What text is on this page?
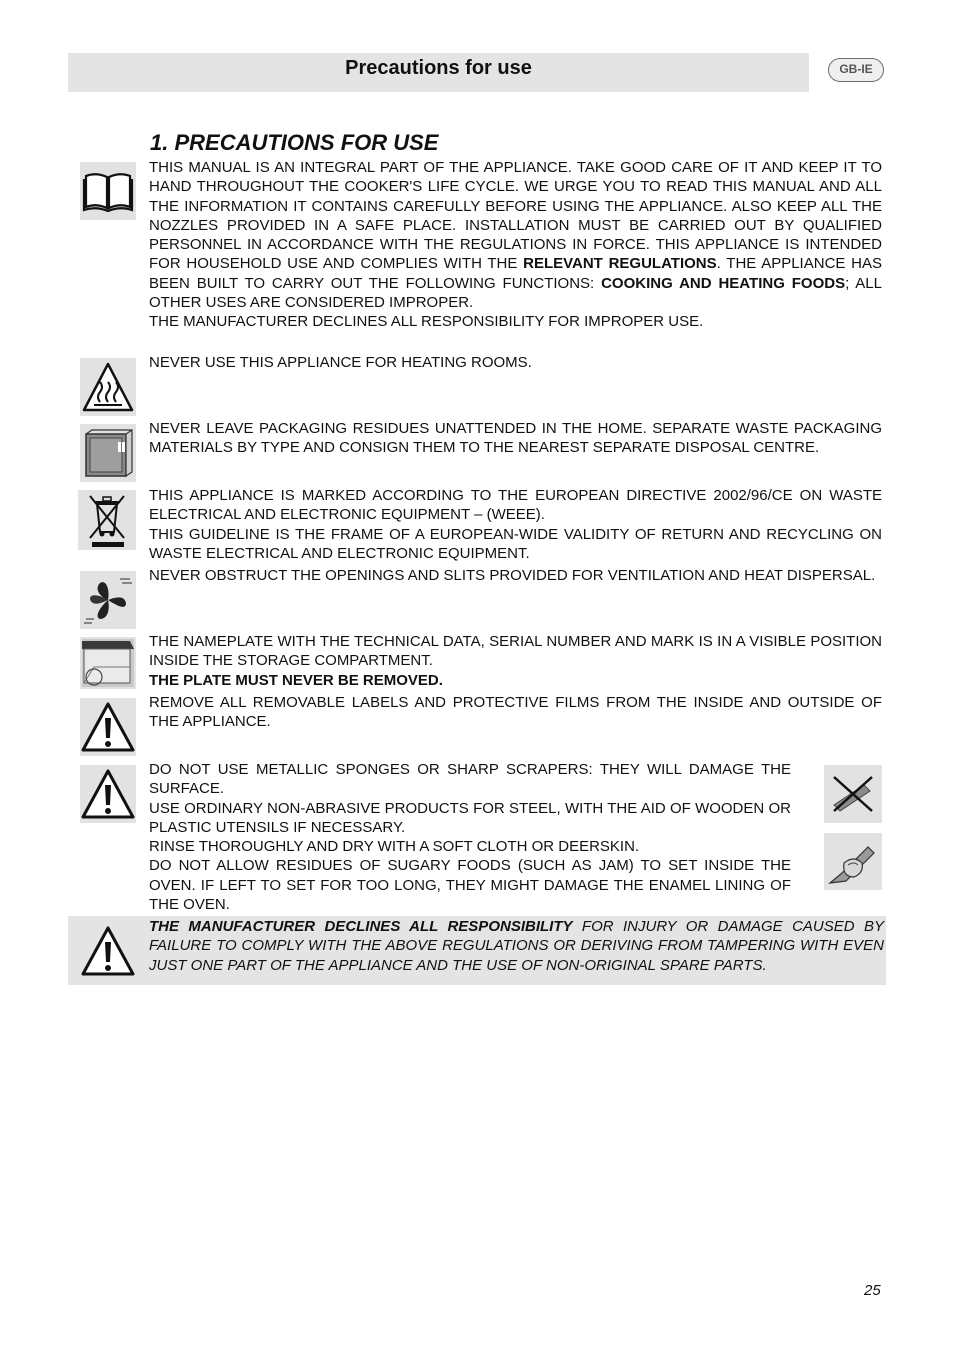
Precautions for use	GB-IE
1. PRECAUTIONS FOR USE

THIS MANUAL IS AN INTEGRAL PART OF THE APPLIANCE. TAKE GOOD CARE OF IT AND KEEP IT TO HAND THROUGHOUT THE COOKER'S LIFE CYCLE. WE URGE YOU TO READ THIS MANUAL AND ALL THE INFORMATION IT CONTAINS CAREFULLY BEFORE USING THE APPLIANCE. ALSO KEEP ALL THE NOZZLES PROVIDED IN A SAFE PLACE. INSTALLATION MUST BE CARRIED OUT BY QUALIFIED PERSONNEL IN ACCORDANCE WITH THE REGULATIONS IN FORCE. THIS APPLIANCE IS INTENDED FOR HOUSEHOLD USE AND COMPLIES WITH THE RELEVANT REGULATIONS. THE APPLIANCE HAS BEEN BUILT TO CARRY OUT THE FOLLOWING FUNCTIONS: COOKING AND HEATING FOODS; ALL OTHER USES ARE CONSIDERED IMPROPER.

THE MANUFACTURER DECLINES ALL RESPONSIBILITY FOR IMPROPER USE.

NEVER USE THIS APPLIANCE FOR HEATING ROOMS.
NEVER LEAVE PACKAGING RESIDUES UNATTENDED IN THE HOME. SEPARATE WASTE PACKAGING MATERIALS BY TYPE AND CONSIGN THEM TO THE NEAREST SEPARATE DISPOSAL CENTRE.

THIS APPLIANCE IS MARKED ACCORDING TO THE EUROPEAN DIRECTIVE 2002/96/CE ON WASTE ELECTRICAL AND ELECTRONIC EQUIPMENT – (WEEE).

THIS GUIDELINE IS THE FRAME OF A EUROPEAN-WIDE VALIDITY OF RETURN AND RECYCLING ON WASTE ELECTRICAL AND ELECTRONIC EQUIPMENT.

NEVER OBSTRUCT THE OPENINGS AND SLITS PROVIDED FOR VENTILATION AND HEAT DISPERSAL.

THE NAMEPLATE WITH THE TECHNICAL DATA, SERIAL NUMBER AND MARK IS IN A VISIBLE POSITION INSIDE THE STORAGE COMPARTMENT.

THE PLATE MUST NEVER BE REMOVED.

REMOVE ALL REMOVABLE LABELS AND PROTECTIVE FILMS FROM THE INSIDE AND OUTSIDE OF THE APPLIANCE.

DO NOT USE METALLIC SPONGES OR SHARP SCRAPERS: THEY WILL DAMAGE THE SURFACE.

USE ORDINARY NON-ABRASIVE PRODUCTS FOR STEEL, WITH THE AID OF WOODEN OR PLASTIC UTENSILS IF NECESSARY.

RINSE THOROUGHLY AND DRY WITH A SOFT CLOTH OR DEERSKIN.

DO NOT ALLOW RESIDUES OF SUGARY FOODS (SUCH AS JAM) TO SET INSIDE THE OVEN. IF LEFT TO SET FOR TOO LONG, THEY MIGHT DAMAGE THE ENAMEL LINING OF THE OVEN.

THE MANUFACTURER DECLINES ALL RESPONSIBILITY FOR INJURY OR DAMAGE CAUSED BY FAILURE TO COMPLY WITH THE ABOVE REGULATIONS OR DERIVING FROM TAMPERING WITH EVEN JUST ONE PART OF THE APPLIANCE AND THE USE OF NON-ORIGINAL SPARE PARTS.
25
